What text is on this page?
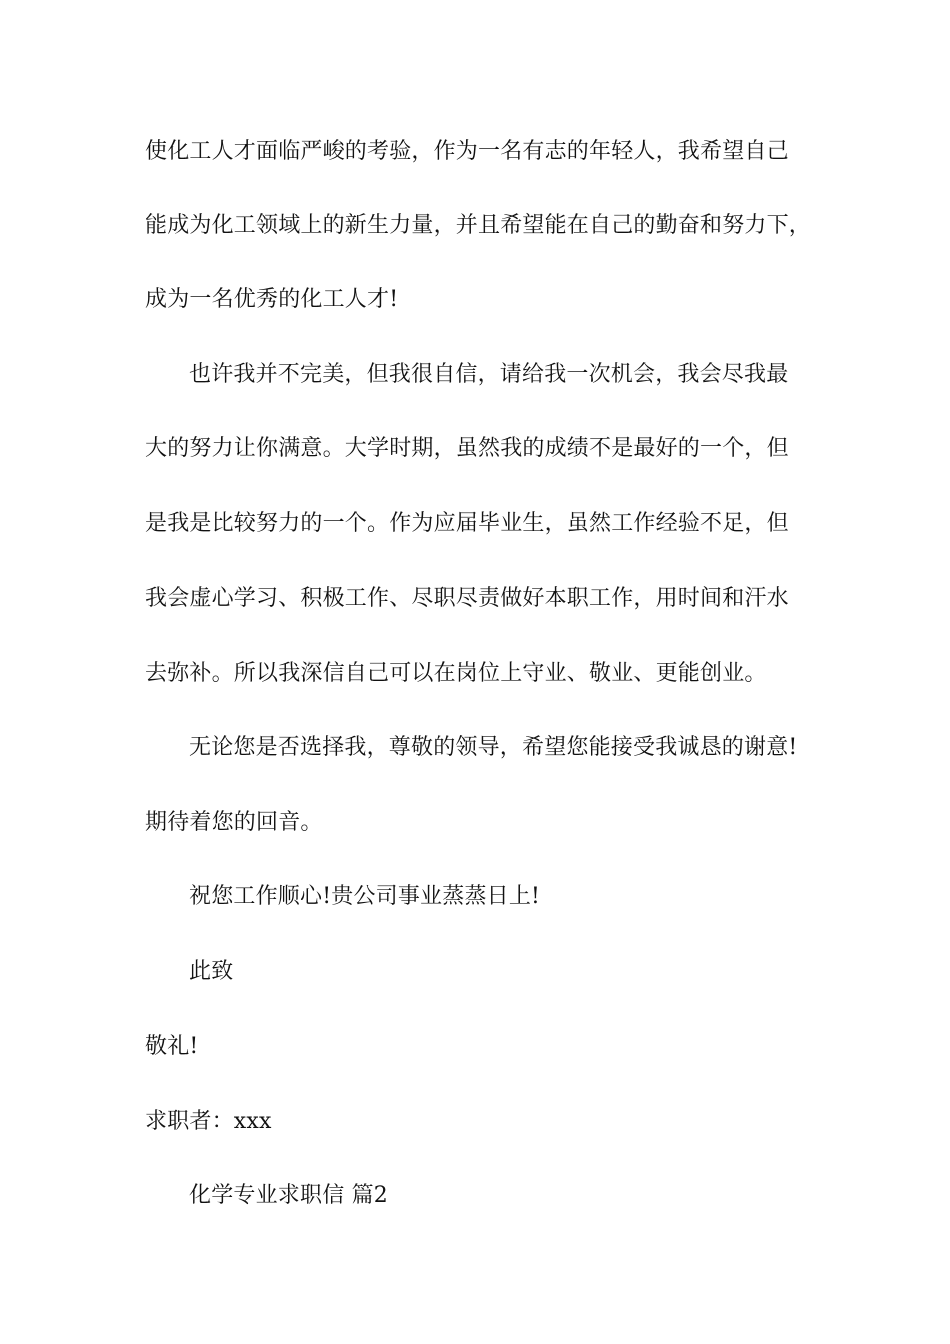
使化工人才面临严峻的考验，作为一名有志的年轻人，我希望自己
能成为化工领域上的新生力量，并且希望能在自己的勤奋和努力下，
成为一名优秀的化工人才!
也许我并不完美，但我很自信，请给我一次机会，我会尽我最
大的努力让你满意。大学时期，虽然我的成绩不是最好的一个，但
是我是比较努力的一个。作为应届毕业生，虽然工作经验不足，但
我会虚心学习、积极工作、尽职尽责做好本职工作，用时间和汗水
去弥补。所以我深信自己可以在岗位上守业、敬业、更能创业。
无论您是否选择我，尊敬的领导，希望您能接受我诚恳的谢意!
期待着您的回音。
祝您工作顺心!贵公司事业蒸蒸日上!
此致
敬礼!
求职者：xxx
化学专业求职信 篇2
